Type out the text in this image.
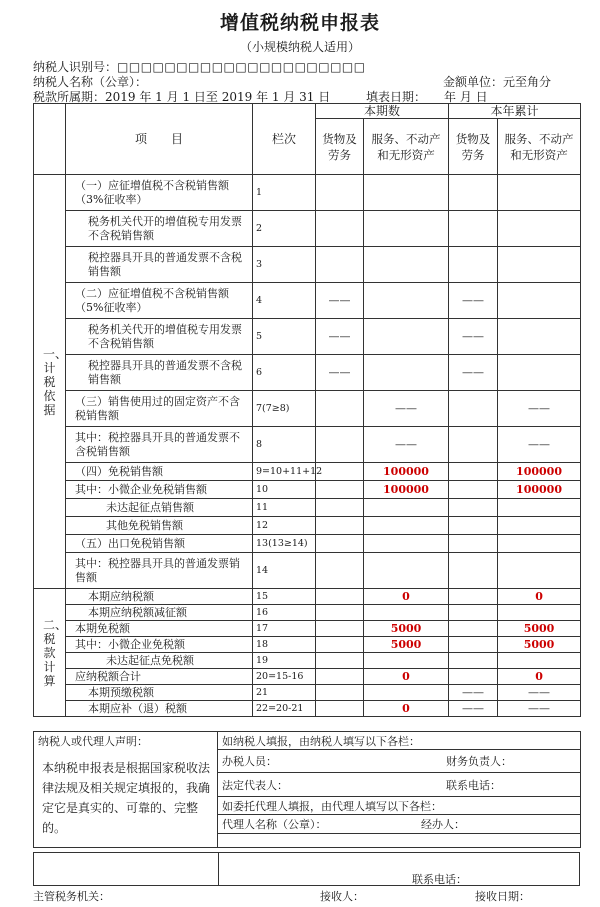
增值税纳税申报表
（小规模纳税人适用）
纳税人识别号：□□□□□□□□□□□□□□□□□□□□□
纳税人名称（公章）：	金额单位：元至角分
税款所属期：2019 年 1 月 1 日至 2019 年 1 月 31 日	填表日期： 年 月 日
	项　　目	栏次	本期数		本年累计	
			货物及劳务	服务、不动产和无形资产	货物及劳务	服务、不动产和无形资产

一、计税依据	（一）应征增值税不含税销售额（3%征收率）	1				
	税务机关代开的增值税专用发票不含税销售额	2				
	税控器具开具的普通发票不含税销售额	3				
	（二）应征增值税不含税销售额（5%征收率）	4	——		——	
	税务机关代开的增值税专用发票不含税销售额	5	——		——	
	税控器具开具的普通发票不含税销售额	6	——		——	
	（三）销售使用过的固定资产不含税销售额	7(7≥8)		——		——
	其中：税控器具开具的普通发票不含税销售额	8		——		——
	（四）免税销售额	9=10+11+12		100000		100000
	其中：小微企业免税销售额	10		100000		100000
	未达起征点销售额	11				
	其他免税销售额	12				
	（五）出口免税销售额	13(13≥14)				
	其中：税控器具开具的普通发票销售额	14				
二、税款计算	本期应纳税额	15		0		0
	本期应纳税额减征额	16				
	本期免税额	17		5000		5000
	其中：小微企业免税额	18		5000		5000
	未达起征点免税额	19				
	应纳税额合计	20=15-16		0		0
	本期预缴税额	21			——	——
	本期应补（退）税额	22=20-21		0	——	——
纳税人或代理人声明：	如纳税人填报，由纳税人填写以下各栏：
本纳税申报表是根据国家税收法律法规及相关规定填报的，我确定它是真实的、可靠的、完整的。	办税人员： 财务负责人：

	法定代表人： 联系电话：

	如委托代理人填报，由代理人填写以下各栏：
	代理人名称（公章）： 经办人：

联系电话：
主管税务机关：	接收人：	接收日期：
